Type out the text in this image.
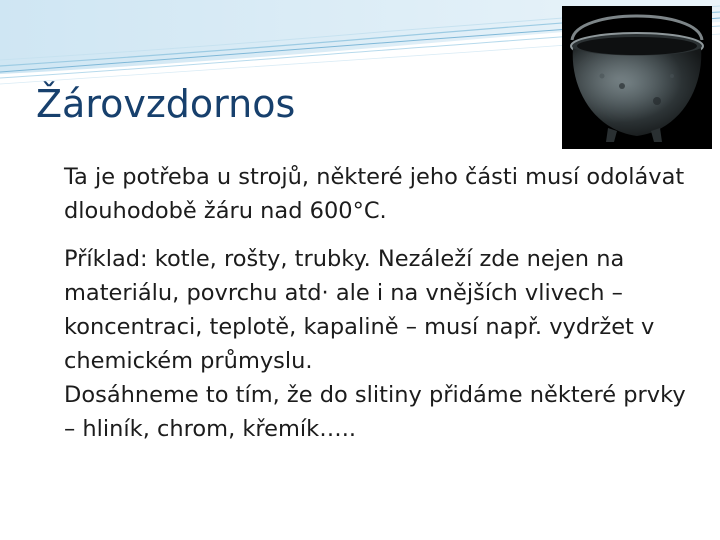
Žárovzdornos

Ta je potřeba u strojů, některé jeho části musí odolávat dlouhodobě žáru nad 600°C.

Příklad: kotle, rošty, trubky. Nezáleží zde nejen na materiálu, povrchu atd· ale i na vnějších vlivech – koncentraci, teplotě, kapalině – musí např. vydržet v chemickém průmyslu.

Dosáhneme to tím, že do slitiny přidáme některé prvky – hliník, chrom, křemík…..
